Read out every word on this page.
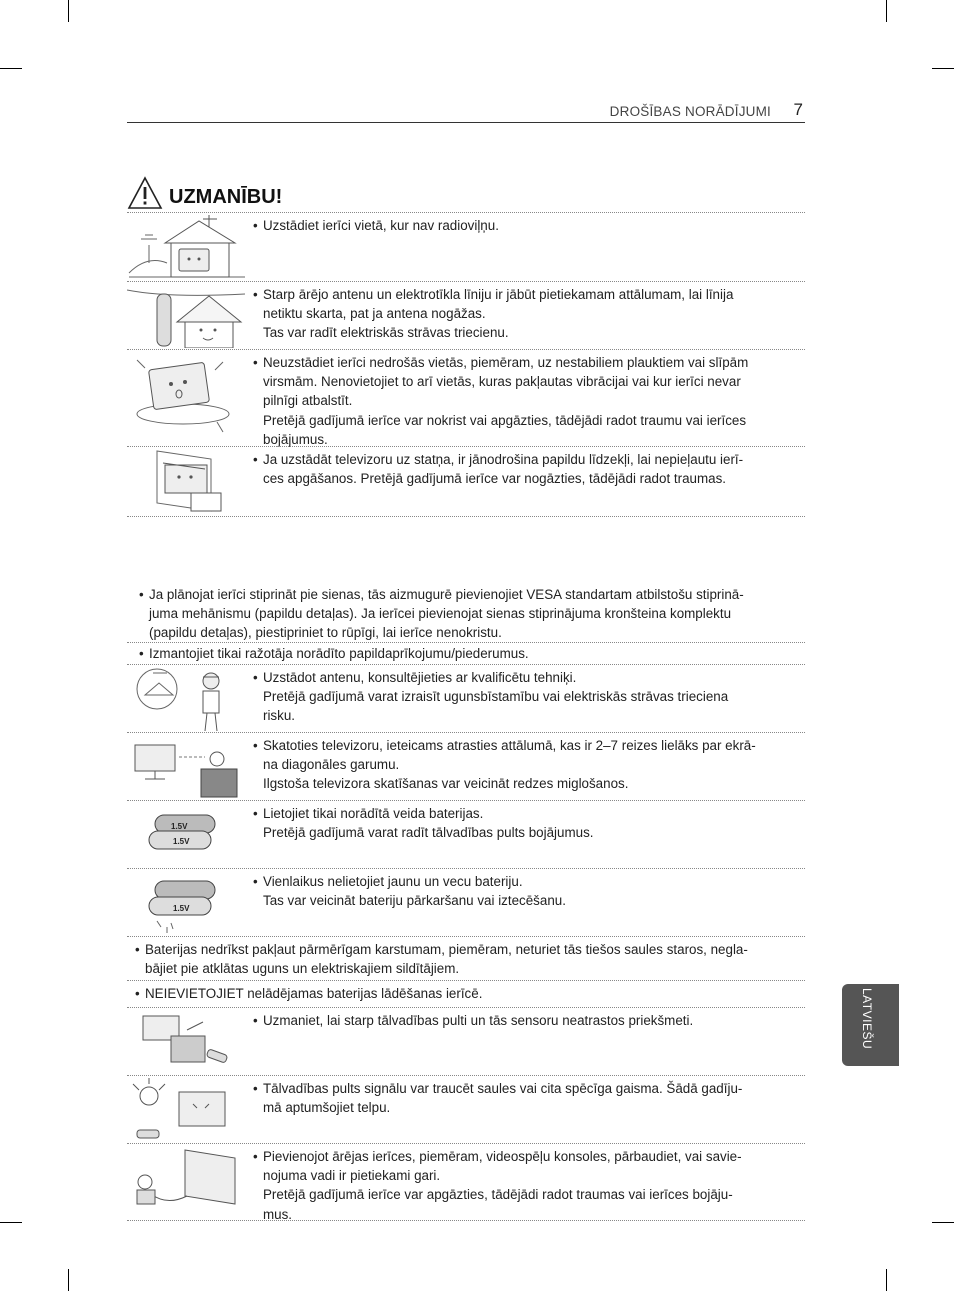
DROŠĪBAS NORĀDĪJUMI 7
UZMANĪBU!
• Uzstādiet ierīci vietā, kur nav radioviļņu.
• Starp ārējo antenu un elektrotīkla līniju ir jābūt pietiekamam attālumam, lai līnija
netiktu skarta, pat ja antena nogāžas.
Tas var radīt elektriskās strāvas triecienu.
• Neuzstādiet ierīci nedrošās vietās, piemēram, uz nestabiliem plauktiem vai slīpām
virsmām. Nenovietojiet to arī vietās, kuras pakļautas vibrācijai vai kur ierīci nevar
pilnīgi atbalstīt.
Pretējā gadījumā ierīce var nokrist vai apgāzties, tādējādi radot traumu vai ierīces
bojājumus.
• Ja uzstādāt televizoru uz statņa, ir jānodrošina papildu līdzekļi, lai nepieļautu ierī-
ces apgāšanos. Pretējā gadījumā ierīce var nogāzties, tādējādi radot traumas.
• Ja plānojat ierīci stiprināt pie sienas, tās aizmugurē pievienojiet VESA standartam atbilstošu stiprinā-
juma mehānismu (papildu detaļas). Ja ierīcei pievienojat sienas stiprinājuma kronšteina komplektu
(papildu detaļas), piestipriniet to rūpīgi, lai ierīce nenokristu.
• Izmantojiet tikai ražotāja norādīto papildaprīkojumu/piederumus.
• Uzstādot antenu, konsultējieties ar kvalificētu tehniķi.
Pretējā gadījumā varat izraisīt ugunsbīstamību vai elektriskās strāvas trieciena
risku.
• Skatoties televizoru, ieteicams atrasties attālumā, kas ir 2–7 reizes lielāks par ekrā-
na diagonāles garumu.
Ilgstoša televizora skatīšanas var veicināt redzes miglošanos.
1.5V
1.5V
• Lietojiet tikai norādītā veida baterijas.
Pretējā gadījumā varat radīt tālvadības pults bojājumus.
1.5V
• Vienlaikus nelietojiet jaunu un vecu bateriju.
Tas var veicināt bateriju pārkaršanu vai iztecēšanu.
• Baterijas nedrīkst pakļaut pārmērīgam karstumam, piemēram, neturiet tās tiešos saules staros, negla-
bājiet pie atklātas uguns un elektriskajiem sildītājiem.
• NEIEVIETOJIET nelādējamas baterijas lādēšanas ierīcē.
• Uzmaniet, lai starp tālvadības pulti un tās sensoru neatrastos priekšmeti.
• Tālvadības pults signālu var traucēt saules vai cita spēcīga gaisma. Šādā gadīju-
mā aptumšojiet telpu.
• Pievienojot ārējas ierīces, piemēram, videospēļu konsoles, pārbaudiet, vai savie-
nojuma vadi ir pietiekami gari.
Pretējā gadījumā ierīce var apgāzties, tādējādi radot traumas vai ierīces bojāju-
mus.
LATVIEŠU
